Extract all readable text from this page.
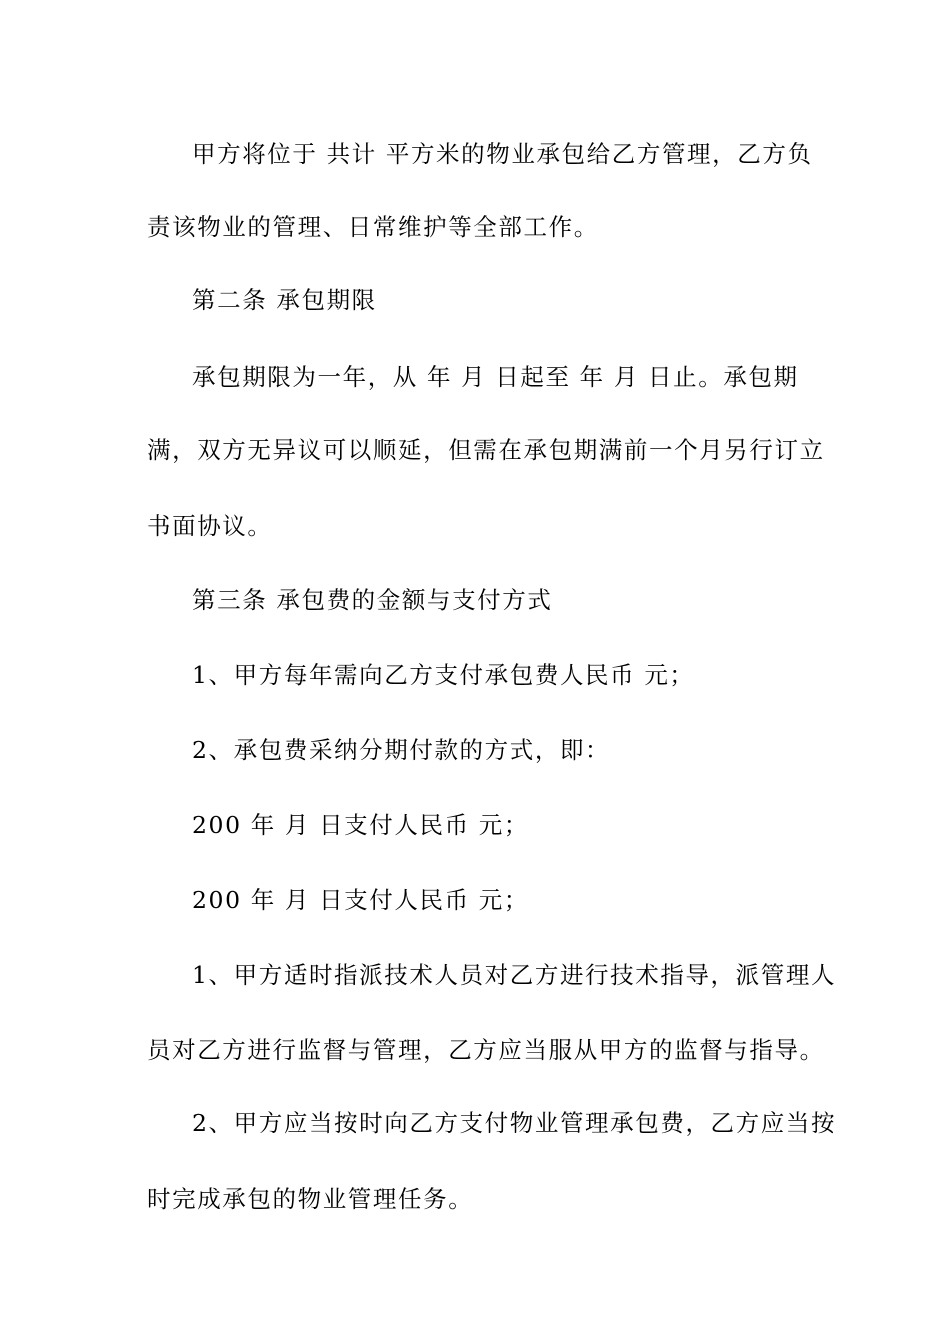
甲方将位于 共计 平方米的物业承包给乙方管理，乙方负
责该物业的管理、日常维护等全部工作。
第二条 承包期限
承包期限为一年，从 年 月 日起至 年 月 日止。承包期
满，双方无异议可以顺延，但需在承包期满前一个月另行订立
书面协议。
第三条 承包费的金额与支付方式
1、甲方每年需向乙方支付承包费人民币 元；
2、承包费采纳分期付款的方式，即：
200 年 月 日支付人民币 元；
200 年 月 日支付人民币 元；
1、甲方适时指派技术人员对乙方进行技术指导，派管理人
员对乙方进行监督与管理，乙方应当服从甲方的监督与指导。
2、甲方应当按时向乙方支付物业管理承包费，乙方应当按
时完成承包的物业管理任务。
